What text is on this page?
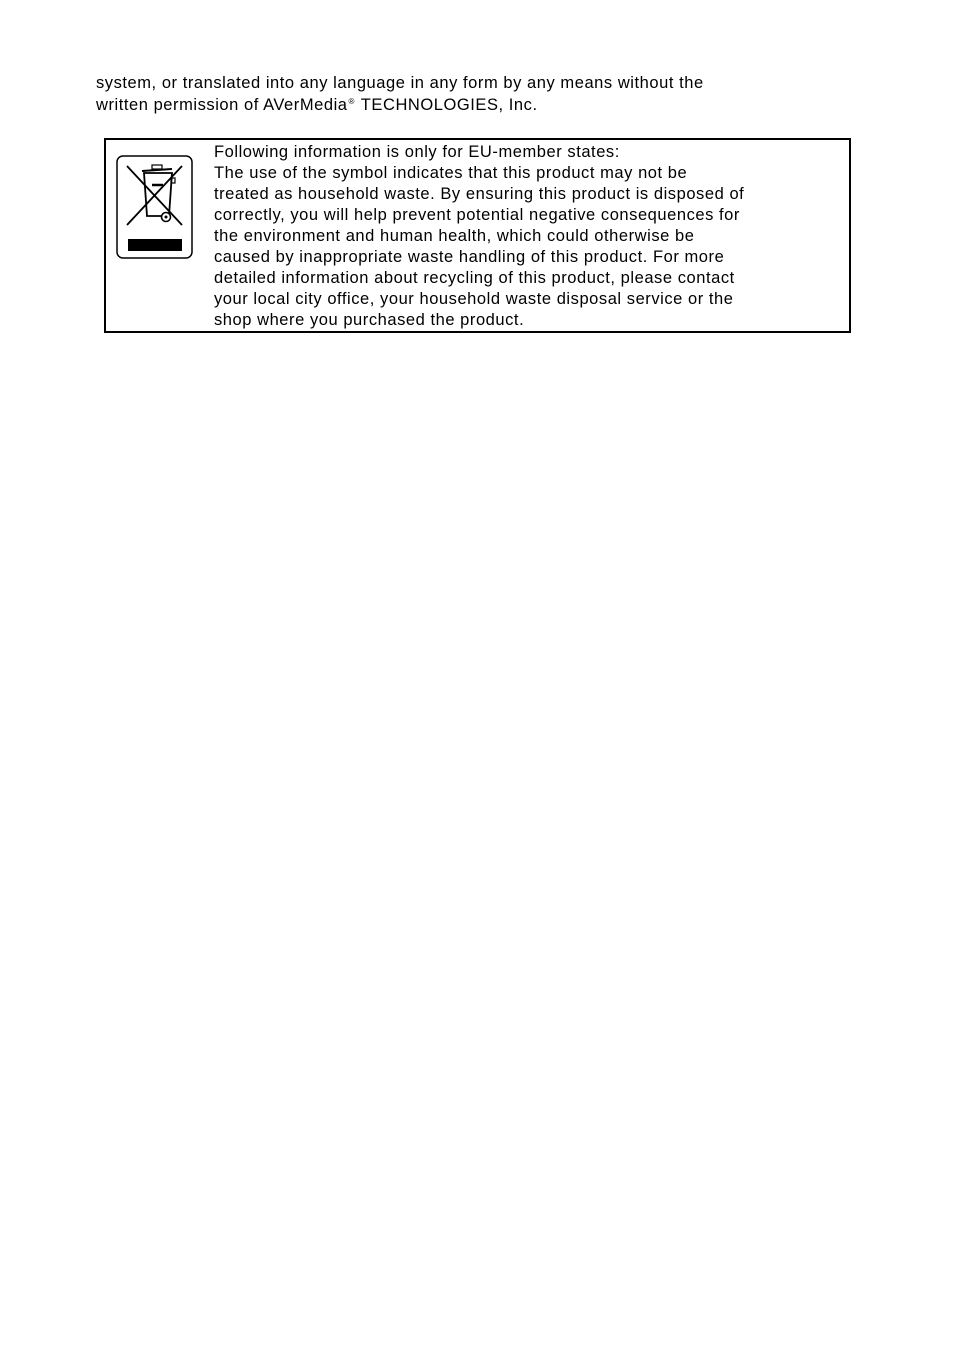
system, or translated into any language in any form by any means without the
written permission of AVerMedia® TECHNOLOGIES, Inc.
Following information is only for EU-member states:
The use of the symbol indicates that this product may not be
treated as household waste. By ensuring this product is disposed of
correctly, you will help prevent potential negative consequences for
the environment and human health, which could otherwise be
caused by inappropriate waste handling of this product. For more
detailed information about recycling of this product, please contact
your local city office, your household waste disposal service or the
shop where you purchased the product.
